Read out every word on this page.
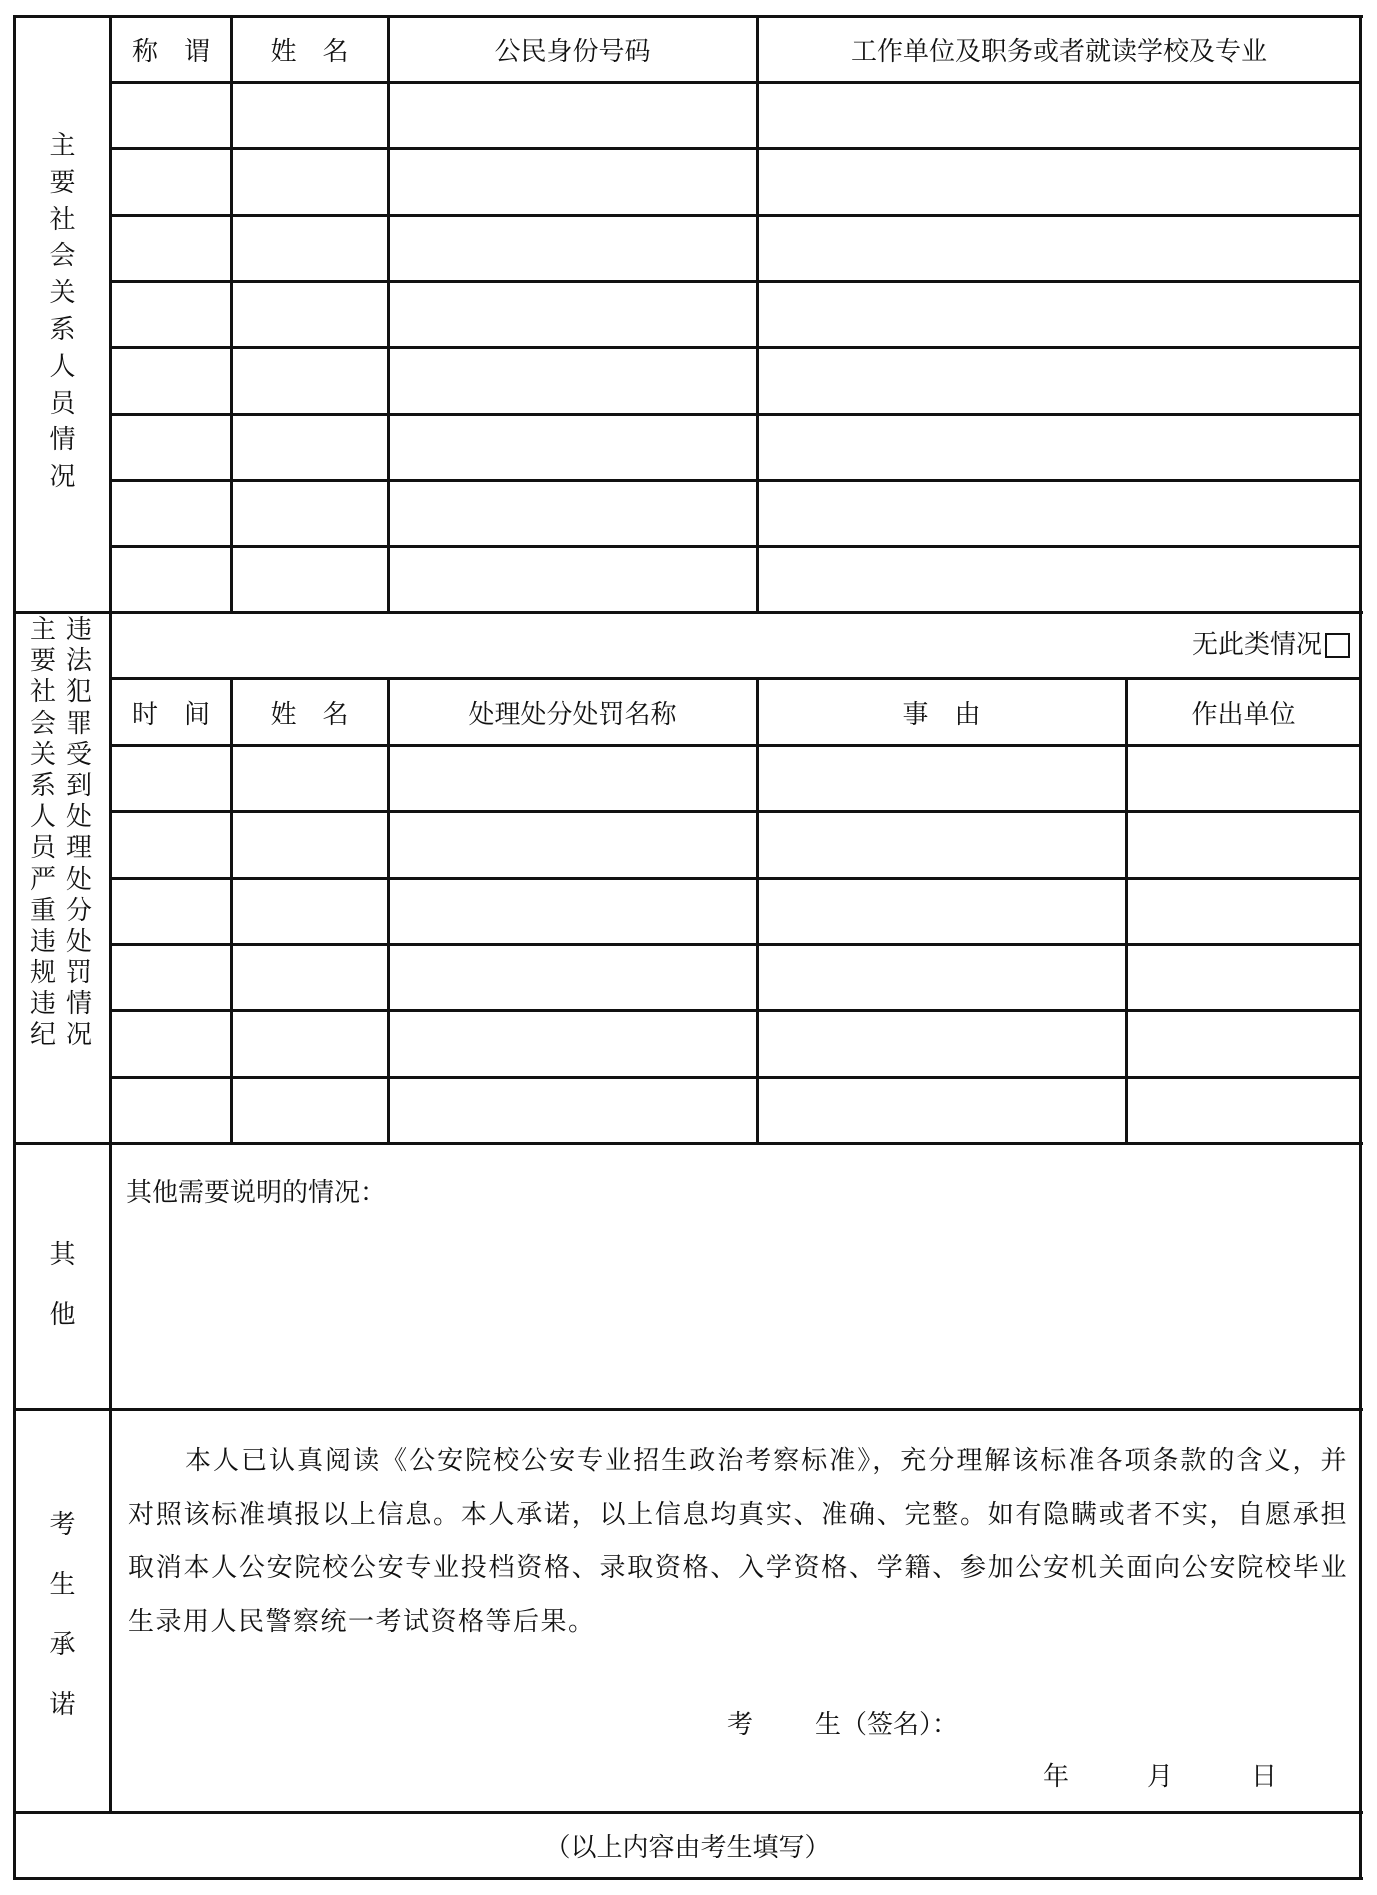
主
要
社
会
关
系
人
员
情
况
称　谓	姓　名	公民身份号码	工作单位及职务或者就读学校及专业
主
要
社
会
关
系
人
员
严
重
违
规
违
纪
违
法
犯
罪
受
到
处
理
处
分
处
罚
情
况
无此类情况
时　间	姓　名	处理处分处罚名称	事　由	作出单位
其
他
其他需要说明的情况：
考
生
承
诺
本人已认真阅读《公安院校公安专业招生政治考察标准》，充分理解该标准各项条款的含义，并对照该标准填报以上信息。本人承诺，以上信息均真实、准确、完整。如有隐瞒或者不实，自愿承担取消本人公安院校公安专业投档资格、录取资格、入学资格、学籍、参加公安机关面向公安院校毕业生录用人民警察统一考试资格等后果。
考 生（签名）：
年	月	日
（以上内容由考生填写）
